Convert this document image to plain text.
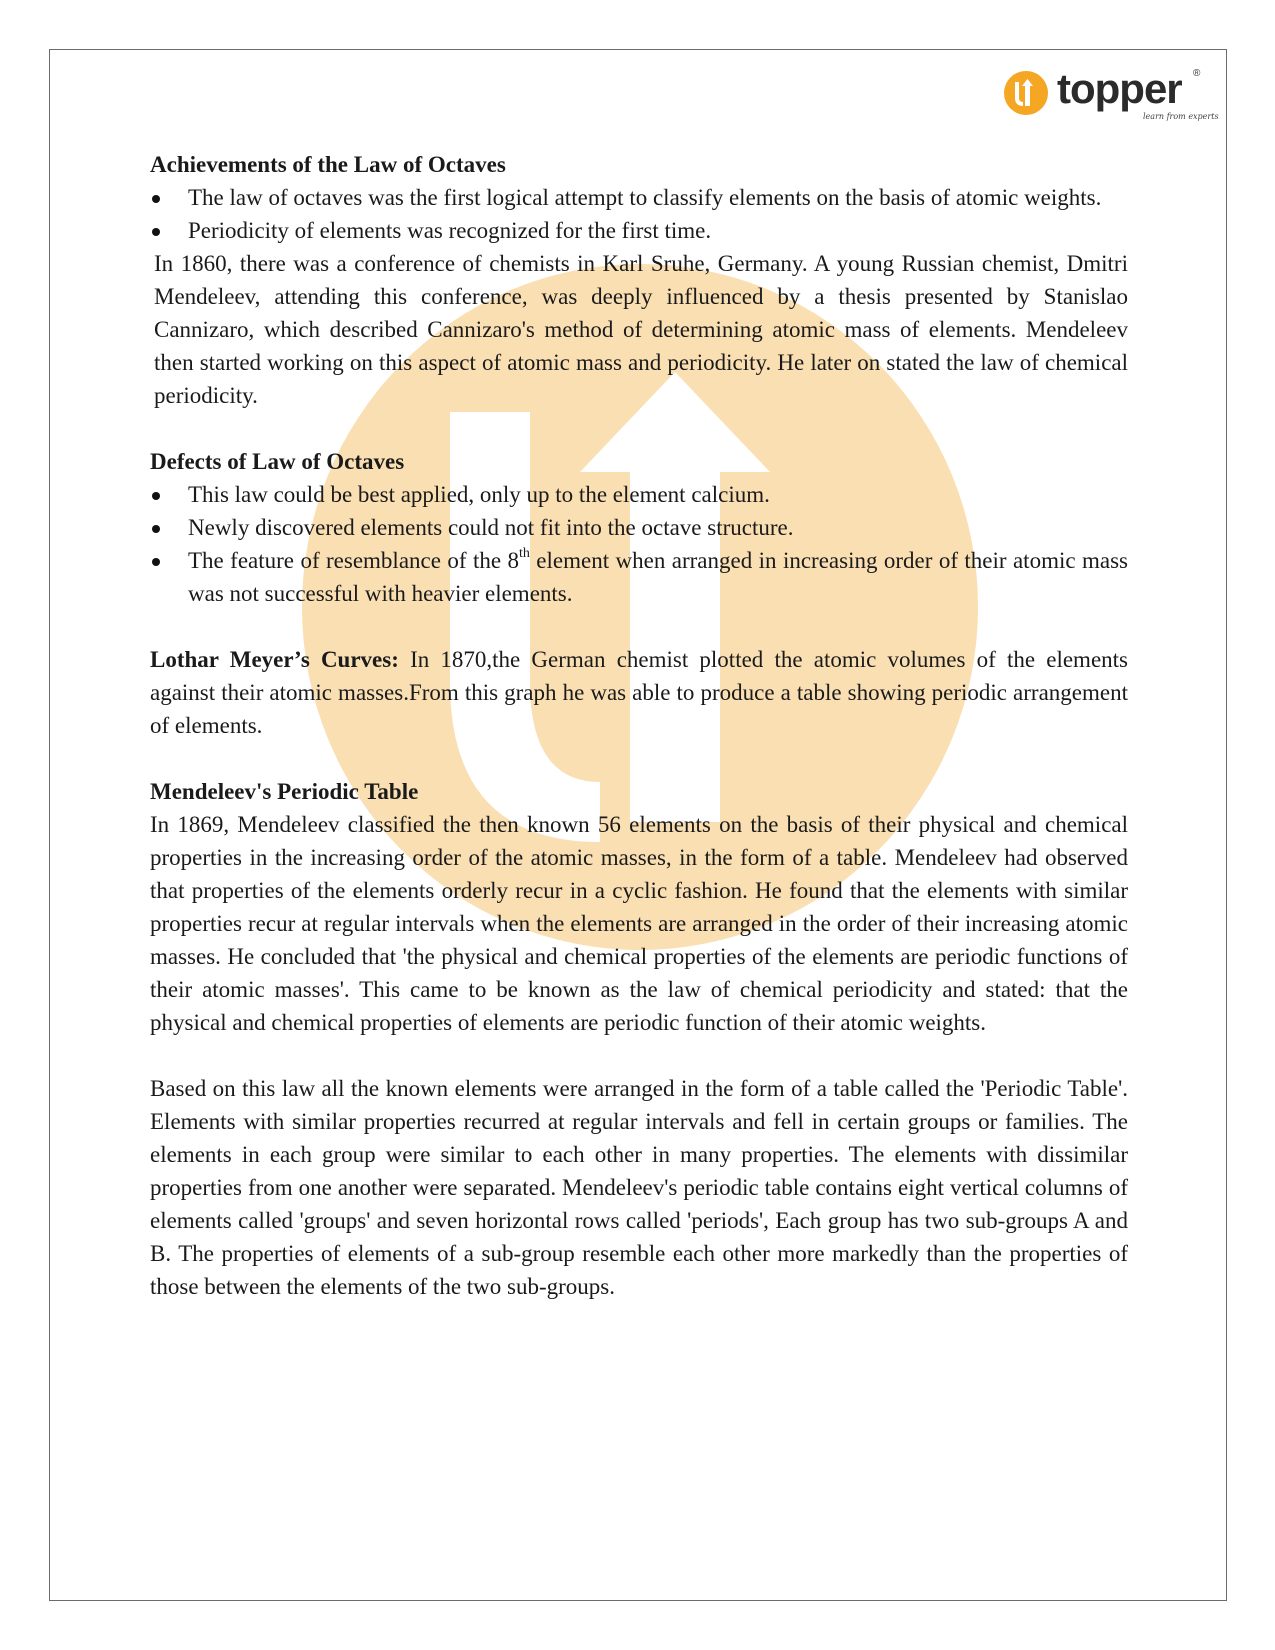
topper ®
learn from experts

Achievements of the Law of Octaves

The law of octaves was the first logical attempt to classify elements on the basis of atomic weights.
Periodicity of elements was recognized for the first time.

In 1860, there was a conference of chemists in Karl Sruhe, Germany. A young Russian chemist, Dmitri Mendeleev, attending this conference, was deeply influenced by a thesis presented by Stanislao Cannizaro, which described Cannizaro's method of determining atomic mass of elements. Mendeleev then started working on this aspect of atomic mass and periodicity. He later on stated the law of chemical periodicity.

Defects of Law of Octaves

This law could be best applied, only up to the element calcium.
Newly discovered elements could not fit into the octave structure.
The feature of resemblance of the 8th element when arranged in increasing order of their atomic mass was not successful with heavier elements.

Lothar Meyer’s Curves: In 1870,the German chemist plotted the atomic volumes of the elements against their atomic masses.From this graph he was able to produce a table showing periodic arrangement of elements.

Mendeleev's Periodic Table

In 1869, Mendeleev classified the then known 56 elements on the basis of their physical and chemical properties in the increasing order of the atomic masses, in the form of a table. Mendeleev had observed that properties of the elements orderly recur in a cyclic fashion. He found that the elements with similar properties recur at regular intervals when the elements are arranged in the order of their increasing atomic masses. He concluded that 'the physical and chemical properties of the elements are periodic functions of their atomic masses'. This came to be known as the law of chemical periodicity and stated: that the physical and chemical properties of elements are periodic function of their atomic weights.

Based on this law all the known elements were arranged in the form of a table called the 'Periodic Table'. Elements with similar properties recurred at regular intervals and fell in certain groups or families. The elements in each group were similar to each other in many properties. The elements with dissimilar properties from one another were separated. Mendeleev's periodic table contains eight vertical columns of elements called 'groups' and seven horizontal rows called 'periods', Each group has two sub-groups A and B. The properties of elements of a sub-group resemble each other more markedly than the properties of those between the elements of the two sub-groups.
